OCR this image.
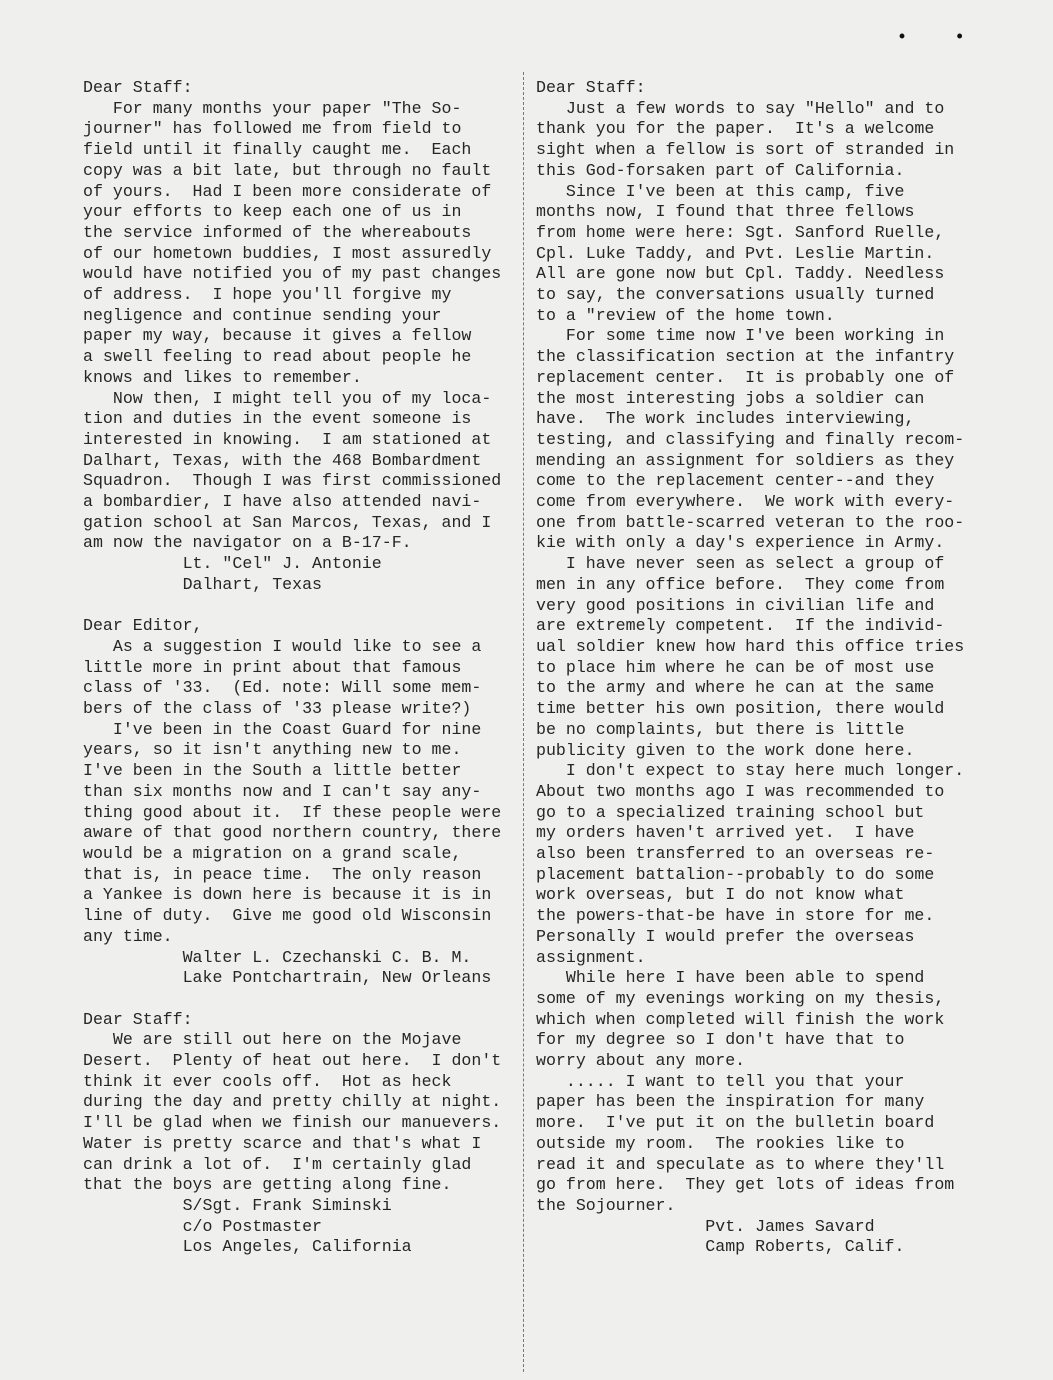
• •

Dear Staff:

For many months your paper "The So-
journer" has followed me from field to
field until it finally caught me.  Each
copy was a bit late, but through no fault
of yours.  Had I been more considerate of
your efforts to keep each one of us in
the service informed of the whereabouts
of our hometown buddies, I most assuredly
would have notified you of my past changes
of address.  I hope you'll forgive my
negligence and continue sending your
paper my way, because it gives a fellow
a swell feeling to read about people he
knows and likes to remember.

Now then, I might tell you of my loca-
tion and duties in the event someone is
interested in knowing.  I am stationed at
Dalhart, Texas, with the 468 Bombardment
Squadron.  Though I was first commissioned
a bombardier, I have also attended navi-
gation school at San Marcos, Texas, and I
am now the navigator on a B-17-F.

Lt. "Cel" J. Antonie
Dalhart, Texas

Dear Editor,

As a suggestion I would like to see a
little more in print about that famous
class of '33.  (Ed. note: Will some mem-
bers of the class of '33 please write?)

I've been in the Coast Guard for nine
years, so it isn't anything new to me.
I've been in the South a little better
than six months now and I can't say any-
thing good about it.  If these people were
aware of that good northern country, there
would be a migration on a grand scale,
that is, in peace time.  The only reason
a Yankee is down here is because it is in
line of duty.  Give me good old Wisconsin
any time.

Walter L. Czechanski C. B. M.
Lake Pontchartrain, New Orleans

Dear Staff:

We are still out here on the Mojave
Desert.  Plenty of heat out here.  I don't
think it ever cools off.  Hot as heck
during the day and pretty chilly at night.
I'll be glad when we finish our manuevers.
Water is pretty scarce and that's what I
can drink a lot of.  I'm certainly glad
that the boys are getting along fine.

S/Sgt. Frank Siminski
c/o Postmaster
Los Angeles, California

Dear Staff:

Just a few words to say "Hello" and to
thank you for the paper.  It's a welcome
sight when a fellow is sort of stranded in
this God-forsaken part of California.

Since I've been at this camp, five
months now, I found that three fellows
from home were here: Sgt. Sanford Ruelle,
Cpl. Luke Taddy, and Pvt. Leslie Martin.
All are gone now but Cpl. Taddy. Needless
to say, the conversations usually turned
to a "review of the home town.

For some time now I've been working in
the classification section at the infantry
replacement center.  It is probably one of
the most interesting jobs a soldier can
have.  The work includes interviewing,
testing, and classifying and finally recom-
mending an assignment for soldiers as they
come to the replacement center--and they
come from everywhere.  We work with every-
one from battle-scarred veteran to the roo-
kie with only a day's experience in Army.

I have never seen as select a group of
men in any office before.  They come from
very good positions in civilian life and
are extremely competent.  If the individ-
ual soldier knew how hard this office tries
to place him where he can be of most use
to the army and where he can at the same
time better his own position, there would
be no complaints, but there is little
publicity given to the work done here.

I don't expect to stay here much longer.
About two months ago I was recommended to
go to a specialized training school but
my orders haven't arrived yet.  I have
also been transferred to an overseas re-
placement battalion--probably to do some
work overseas, but I do not know what
the powers-that-be have in store for me.
Personally I would prefer the overseas
assignment.

While here I have been able to spend
some of my evenings working on my thesis,
which when completed will finish the work
for my degree so I don't have that to
worry about any more.

..... I want to tell you that your
paper has been the inspiration for many
more.  I've put it on the bulletin board
outside my room.  The rookies like to
read it and speculate as to where they'll
go from here.  They get lots of ideas from
the Sojourner.

Pvt. James Savard
Camp Roberts, Calif.
